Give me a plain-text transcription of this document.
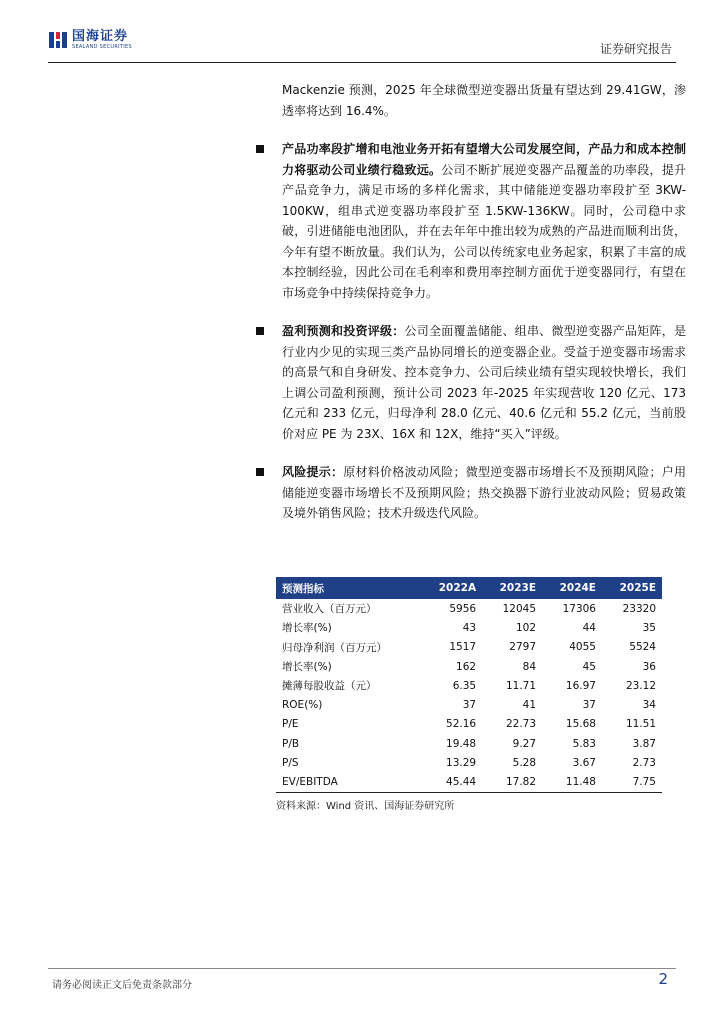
国海证券
SEALAND SECURITIES	证券研究报告

Mackenzie 预测，2025 年全球微型逆变器出货量有望达到 29.41GW，渗透率将达到 16.4%。

产品功率段扩增和电池业务开拓有望增大公司发展空间，产品力和成本控制力将驱动公司业绩行稳致远。公司不断扩展逆变器产品覆盖的功率段，提升产品竞争力，满足市场的多样化需求，其中储能逆变器功率段扩至 3KW-100KW，组串式逆变器功率段扩至 1.5KW-136KW。同时，公司稳中求破，引进储能电池团队，并在去年年中推出较为成熟的产品进而顺利出货，今年有望不断放量。我们认为，公司以传统家电业务起家，积累了丰富的成本控制经验，因此公司在毛利率和费用率控制方面优于逆变器同行，有望在市场竞争中持续保持竞争力。

盈利预测和投资评级：公司全面覆盖储能、组串、微型逆变器产品矩阵，是行业内少见的实现三类产品协同增长的逆变器企业。受益于逆变器市场需求的高景气和自身研发、控本竞争力、公司后续业绩有望实现较快增长，我们上调公司盈利预测，预计公司 2023 年-2025 年实现营收 120 亿元、173 亿元和 233 亿元，归母净利 28.0 亿元、40.6 亿元和 55.2 亿元，当前股价对应 PE 为 23X、16X 和 12X，维持“买入”评级。

风险提示：原材料价格波动风险；微型逆变器市场增长不及预期风险；户用储能逆变器市场增长不及预期风险；热交换器下游行业波动风险；贸易政策及境外销售风险；技术升级迭代风险。

预测指标	2022A	2023E	2024E	2025E
营业收入（百万元）	5956	12045	17306	23320
增长率(%)	43	102	44	35
归母净利润（百万元）	1517	2797	4055	5524
增长率(%)	162	84	45	36
摊薄每股收益（元）	6.35	11.71	16.97	23.12
ROE(%)	37	41	37	34
P/E	52.16	22.73	15.68	11.51
P/B	19.48	9.27	5.83	3.87
P/S	13.29	5.28	3.67	2.73
EV/EBITDA	45.44	17.82	11.48	7.75
资料来源：Wind 资讯、国海证券研究所
请务必阅读正文后免责条款部分	2
